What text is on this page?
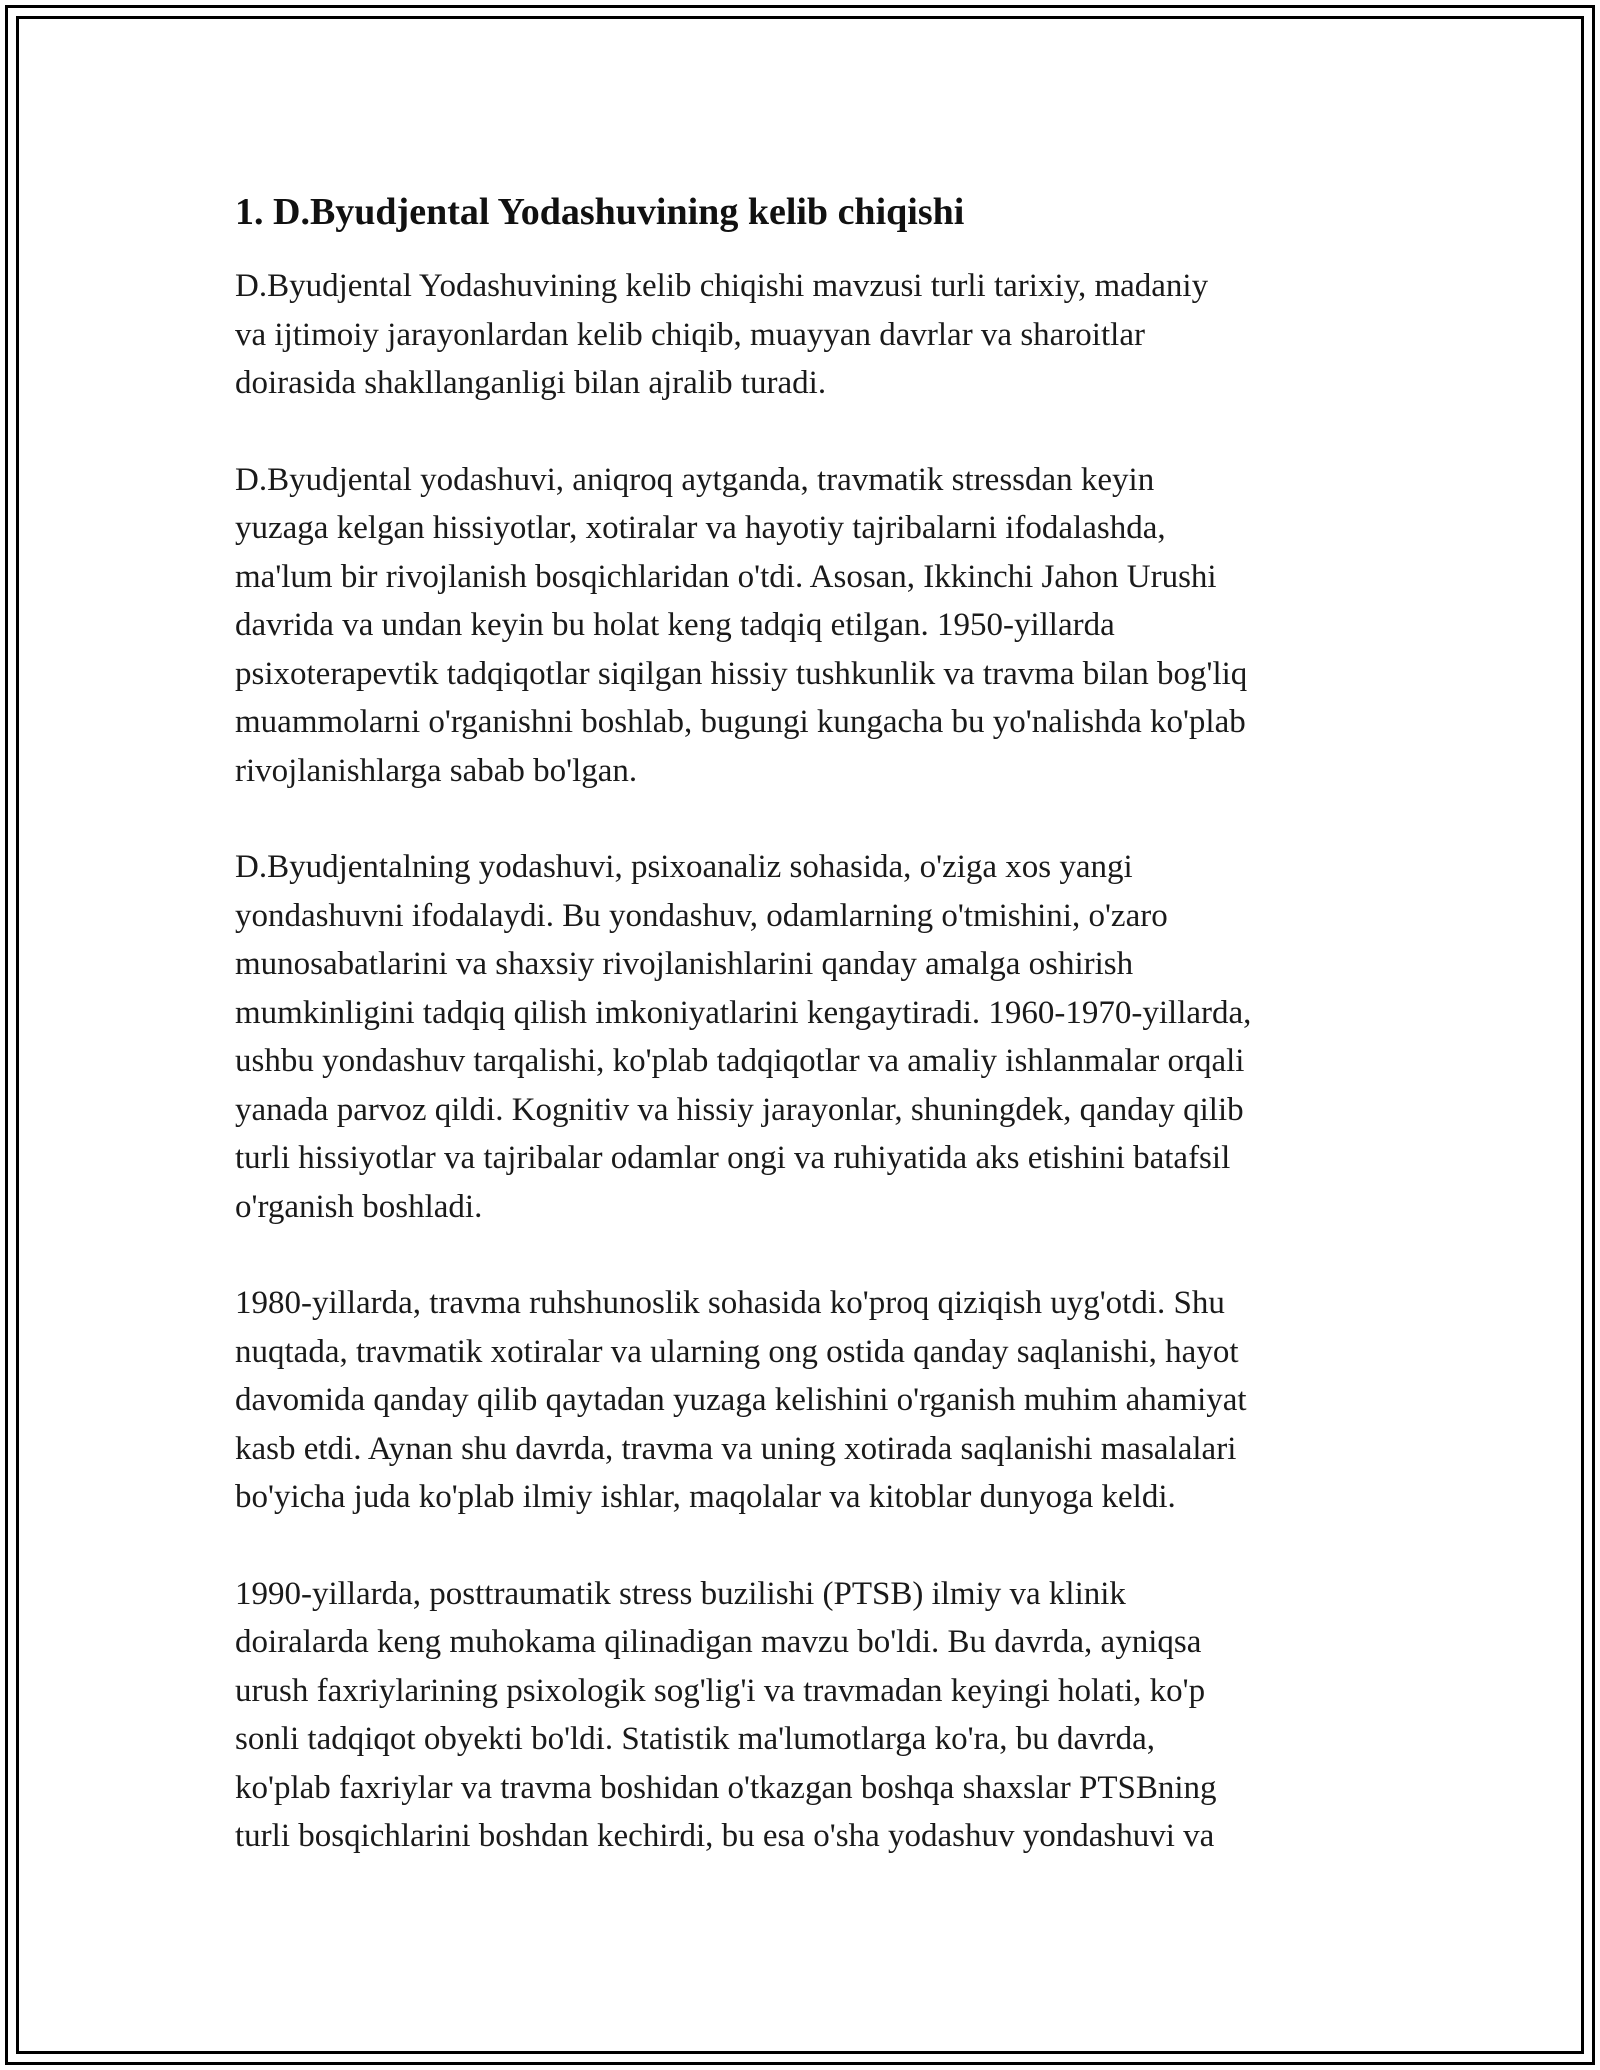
1. D.Byudjental Yodashuvining kelib chiqishi

D.Byudjental Yodashuvining kelib chiqishi mavzusi turli tarixiy, madaniy
va ijtimoiy jarayonlardan kelib chiqib, muayyan davrlar va sharoitlar
doirasida shakllanganligi bilan ajralib turadi.

D.Byudjental yodashuvi, aniqroq aytganda, travmatik stressdan keyin
yuzaga kelgan hissiyotlar, xotiralar va hayotiy tajribalarni ifodalashda,
ma'lum bir rivojlanish bosqichlaridan o'tdi. Asosan, Ikkinchi Jahon Urushi
davrida va undan keyin bu holat keng tadqiq etilgan. 1950-yillarda
psixoterapevtik tadqiqotlar siqilgan hissiy tushkunlik va travma bilan bog'liq
muammolarni o'rganishni boshlab, bugungi kungacha bu yo'nalishda ko'plab
rivojlanishlarga sabab bo'lgan.

D.Byudjentalning yodashuvi, psixoanaliz sohasida, o'ziga xos yangi
yondashuvni ifodalaydi. Bu yondashuv, odamlarning o'tmishini, o'zaro
munosabatlarini va shaxsiy rivojlanishlarini qanday amalga oshirish
mumkinligini tadqiq qilish imkoniyatlarini kengaytiradi. 1960-1970-yillarda,
ushbu yondashuv tarqalishi, ko'plab tadqiqotlar va amaliy ishlanmalar orqali
yanada parvoz qildi. Kognitiv va hissiy jarayonlar, shuningdek, qanday qilib
turli hissiyotlar va tajribalar odamlar ongi va ruhiyatida aks etishini batafsil
o'rganish boshladi.

1980-yillarda, travma ruhshunoslik sohasida ko'proq qiziqish uyg'otdi. Shu
nuqtada, travmatik xotiralar va ularning ong ostida qanday saqlanishi, hayot
davomida qanday qilib qaytadan yuzaga kelishini o'rganish muhim ahamiyat
kasb etdi. Aynan shu davrda, travma va uning xotirada saqlanishi masalalari
bo'yicha juda ko'plab ilmiy ishlar, maqolalar va kitoblar dunyoga keldi.

1990-yillarda, posttraumatik stress buzilishi (PTSB) ilmiy va klinik
doiralarda keng muhokama qilinadigan mavzu bo'ldi. Bu davrda, ayniqsa
urush faxriylarining psixologik sog'lig'i va travmadan keyingi holati, ko'p
sonli tadqiqot obyekti bo'ldi. Statistik ma'lumotlarga ko'ra, bu davrda,
ko'plab faxriylar va travma boshidan o'tkazgan boshqa shaxslar PTSBning
turli bosqichlarini boshdan kechirdi, bu esa o'sha yodashuv yondashuvi va
